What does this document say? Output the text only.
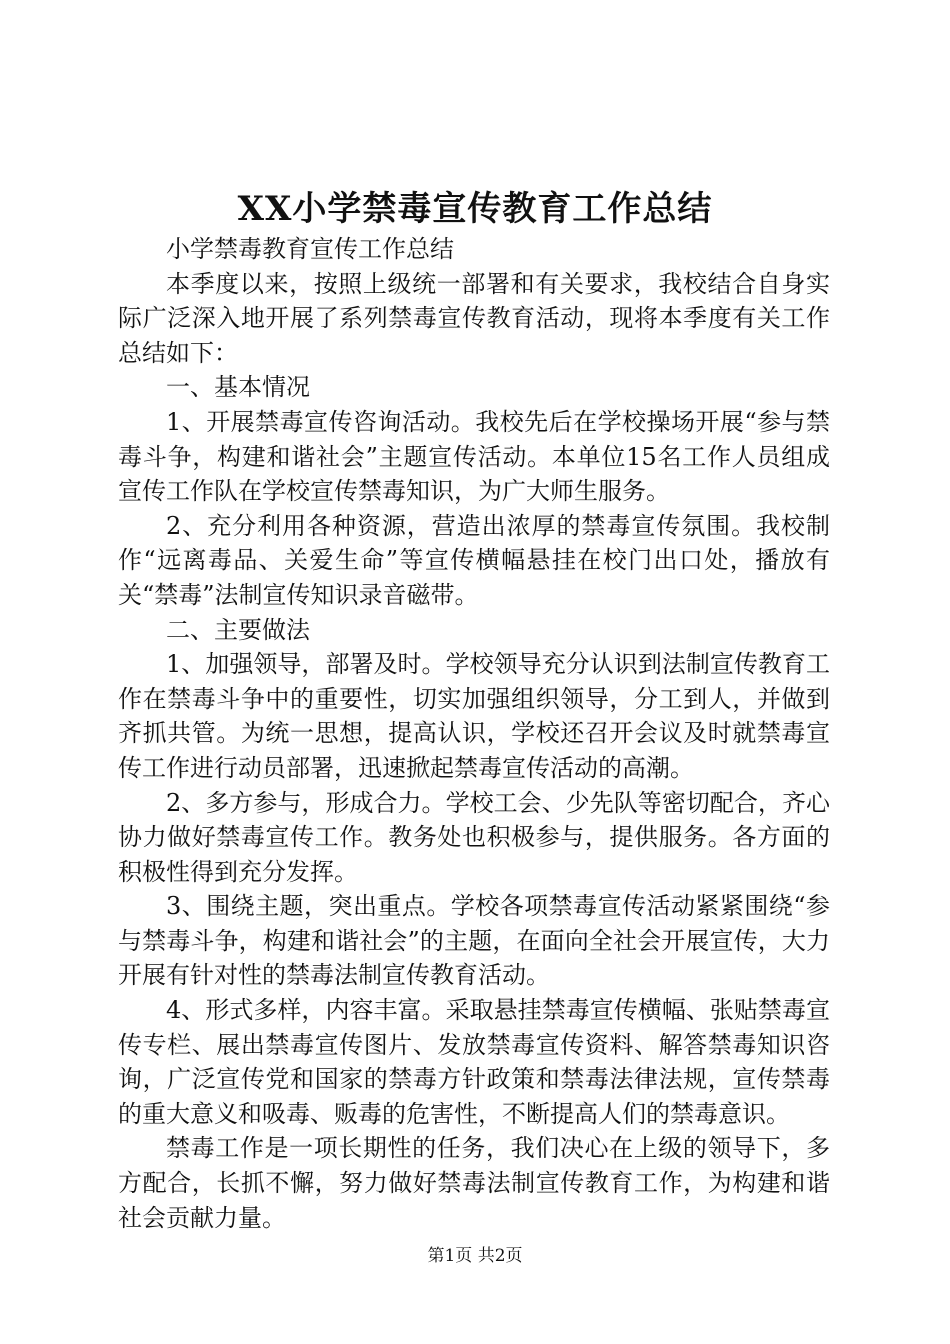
XX小学禁毒宣传教育工作总结

小学禁毒教育宣传工作总结

本季度以来，按照上级统一部署和有关要求，我校结合自身实际广泛深入地开展了系列禁毒宣传教育活动，现将本季度有关工作总结如下：

一、基本情况

1、开展禁毒宣传咨询活动。我校先后在学校操场开展“参与禁毒斗争，构建和谐社会”主题宣传活动。本单位15名工作人员组成宣传工作队在学校宣传禁毒知识，为广大师生服务。

2、充分利用各种资源，营造出浓厚的禁毒宣传氛围。我校制作“远离毒品、关爱生命”等宣传横幅悬挂在校门出口处，播放有关“禁毒”法制宣传知识录音磁带。

二、主要做法

1、加强领导，部署及时。学校领导充分认识到法制宣传教育工作在禁毒斗争中的重要性，切实加强组织领导，分工到人，并做到齐抓共管。为统一思想，提高认识，学校还召开会议及时就禁毒宣传工作进行动员部署，迅速掀起禁毒宣传活动的高潮。

2、多方参与，形成合力。学校工会、少先队等密切配合，齐心协力做好禁毒宣传工作。教务处也积极参与，提供服务。各方面的积极性得到充分发挥。

3、围绕主题，突出重点。学校各项禁毒宣传活动紧紧围绕“参与禁毒斗争，构建和谐社会”的主题，在面向全社会开展宣传，大力开展有针对性的禁毒法制宣传教育活动。

4、形式多样，内容丰富。采取悬挂禁毒宣传横幅、张贴禁毒宣传专栏、展出禁毒宣传图片、发放禁毒宣传资料、解答禁毒知识咨询，广泛宣传党和国家的禁毒方针政策和禁毒法律法规，宣传禁毒的重大意义和吸毒、贩毒的危害性，不断提高人们的禁毒意识。

禁毒工作是一项长期性的任务，我们决心在上级的领导下，多方配合，长抓不懈，努力做好禁毒法制宣传教育工作，为构建和谐社会贡献力量。

第1页 共2页
